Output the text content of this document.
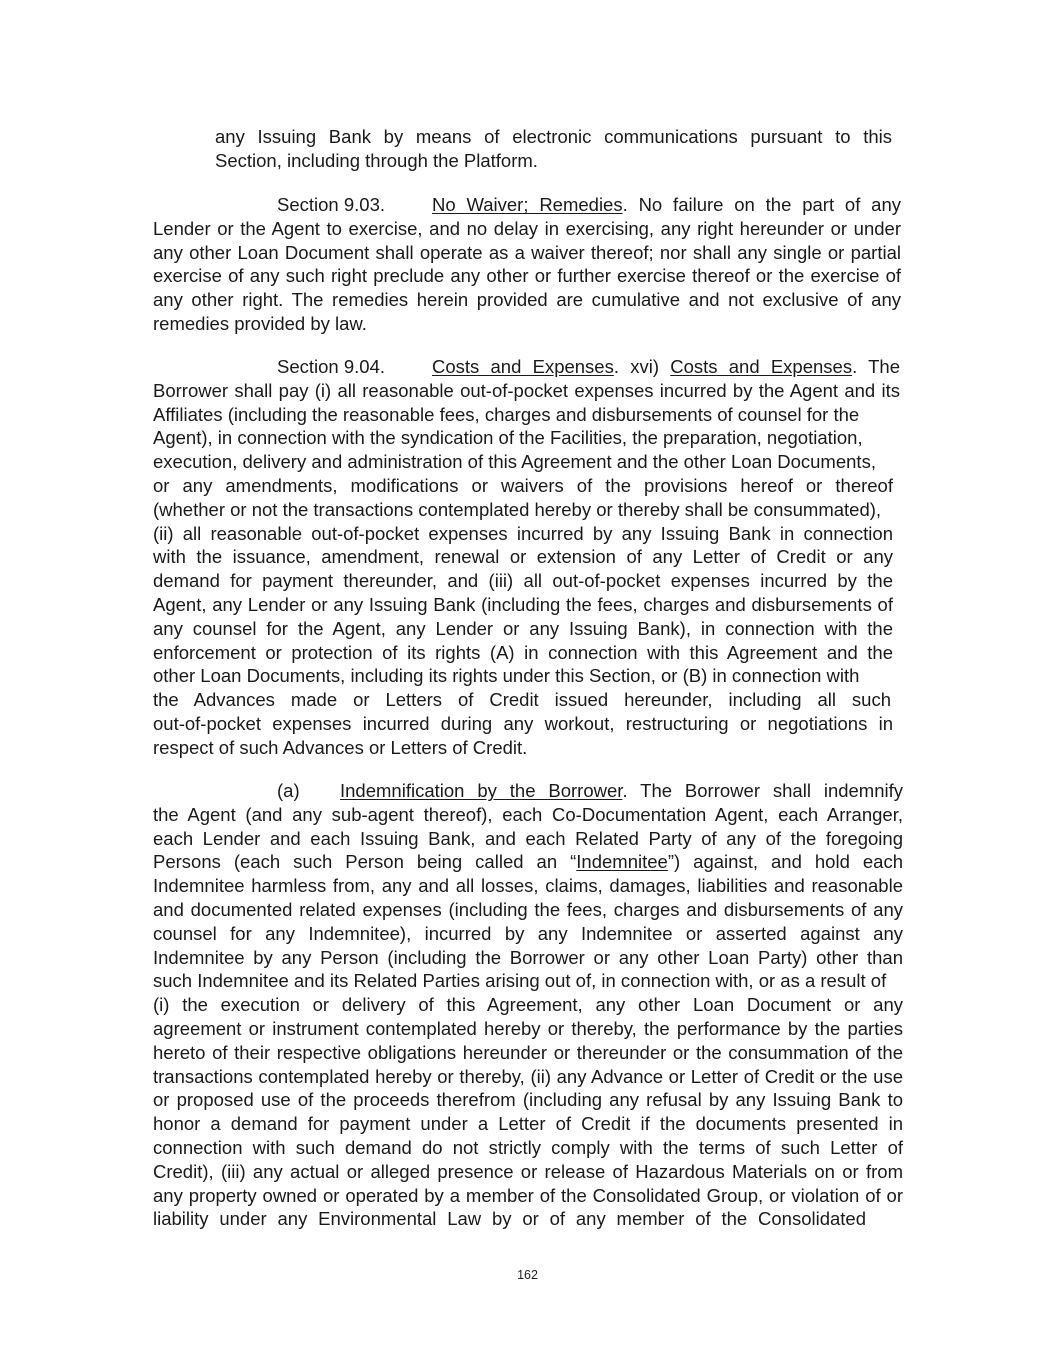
any Issuing Bank by means of electronic communications pursuant to this
Section, including through the Platform.
Section 9.03.	No Waiver; Remedies. No failure on the part of any
Lender or the Agent to exercise, and no delay in exercising, any right hereunder or under
any other Loan Document shall operate as a waiver thereof; nor shall any single or partial
exercise of any such right preclude any other or further exercise thereof or the exercise of
any other right. The remedies herein provided are cumulative and not exclusive of any
remedies provided by law.
Section 9.04.	Costs and Expenses. xvi) Costs and Expenses. The
Borrower shall pay (i) all reasonable out-of-pocket expenses incurred by the Agent and its
Affiliates (including the reasonable fees, charges and disbursements of counsel for the
Agent), in connection with the syndication of the Facilities, the preparation, negotiation,
execution, delivery and administration of this Agreement and the other Loan Documents,
or any amendments, modifications or waivers of the provisions hereof or thereof
(whether or not the transactions contemplated hereby or thereby shall be consummated),
(ii) all reasonable out-of-pocket expenses incurred by any Issuing Bank in connection
with the issuance, amendment, renewal or extension of any Letter of Credit or any
demand for payment thereunder, and (iii) all out-of-pocket expenses incurred by the
Agent, any Lender or any Issuing Bank (including the fees, charges and disbursements of
any counsel for the Agent, any Lender or any Issuing Bank), in connection with the
enforcement or protection of its rights (A) in connection with this Agreement and the
other Loan Documents, including its rights under this Section, or (B) in connection with
the Advances made or Letters of Credit issued hereunder, including all such
out-of-pocket expenses incurred during any workout, restructuring or negotiations in
respect of such Advances or Letters of Credit.
(a) Indemnification by the Borrower. The Borrower shall indemnify
the Agent (and any sub-agent thereof), each Co-Documentation Agent, each Arranger,
each Lender and each Issuing Bank, and each Related Party of any of the foregoing
Persons (each such Person being called an “Indemnitee”) against, and hold each
Indemnitee harmless from, any and all losses, claims, damages, liabilities and reasonable
and documented related expenses (including the fees, charges and disbursements of any
counsel for any Indemnitee), incurred by any Indemnitee or asserted against any
Indemnitee by any Person (including the Borrower or any other Loan Party) other than
such Indemnitee and its Related Parties arising out of, in connection with, or as a result of
(i) the execution or delivery of this Agreement, any other Loan Document or any
agreement or instrument contemplated hereby or thereby, the performance by the parties
hereto of their respective obligations hereunder or thereunder or the consummation of the
transactions contemplated hereby or thereby, (ii) any Advance or Letter of Credit or the use
or proposed use of the proceeds therefrom (including any refusal by any Issuing Bank to
honor a demand for payment under a Letter of Credit if the documents presented in
connection with such demand do not strictly comply with the terms of such Letter of
Credit), (iii) any actual or alleged presence or release of Hazardous Materials on or from
any property owned or operated by a member of the Consolidated Group, or violation of or
liability under any Environmental Law by or of any member of the Consolidated
162
